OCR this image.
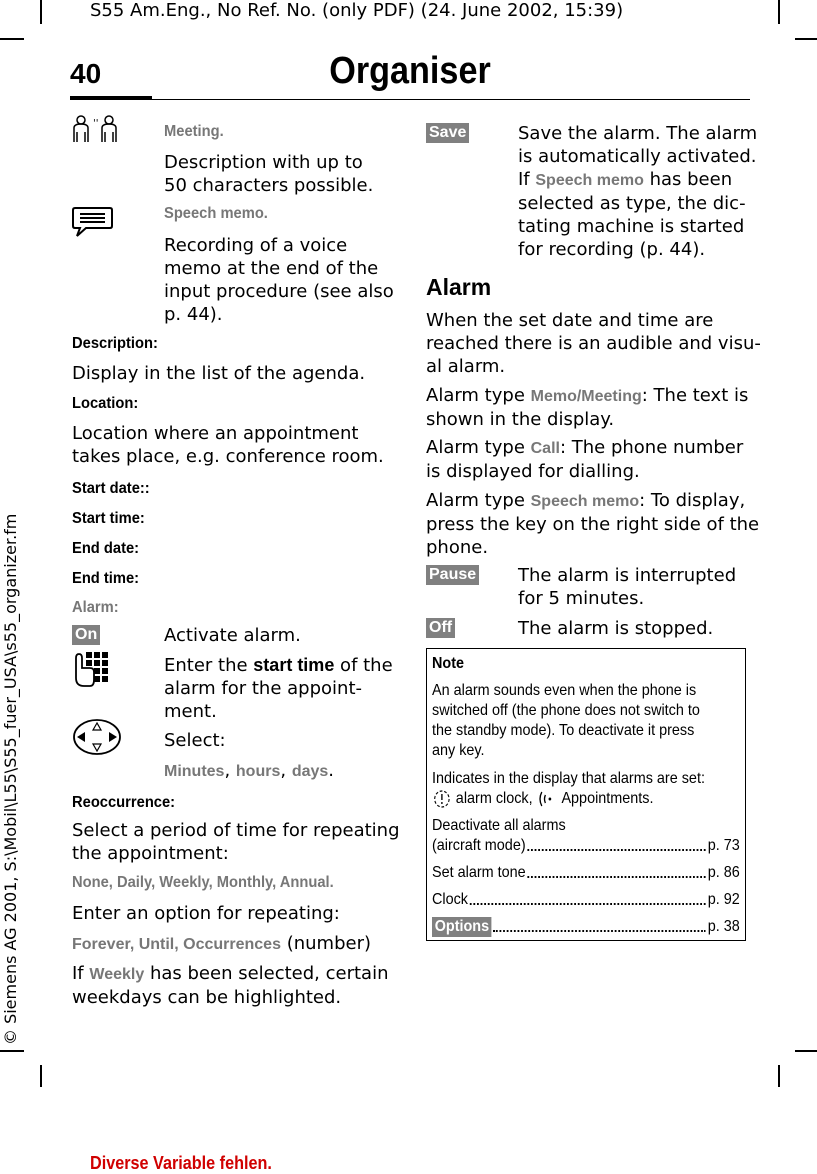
S55 Am.Eng., No Ref. No. (only PDF) (24. June 2002, 15:39)
40	Organiser
© Siemens AG 2001, S:\Mobil\L55\S55_fuer_USA\s55_organizer.fm
''	Meeting.
Description with up to
50 characters possible.
Speech memo.
Recording of a voice
memo at the end of the
input procedure (see also
p. 44).
Description:
Display in the list of the agenda.
Location:
Location where an appointment
takes place, e.g. conference room.
Start date::
Start time:
End date:
End time:
Alarm:
On	Activate alarm.
Enter the start time of the
alarm for the appoint-
ment.
Select:
Minutes, hours, days.
Reoccurrence:
Select a period of time for repeating
the appointment:
None, Daily, Weekly, Monthly, Annual.
Enter an option for repeating:
Forever, Until, Occurrences (number)
If Weekly has been selected, certain
weekdays can be highlighted.
Save	Save the alarm. The alarm
is automatically activated.
If Speech memo has been
selected as type, the dic-
tating machine is started
for recording (p. 44).
Alarm
When the set date and time are
reached there is an audible and visu-
al alarm.
Alarm type Memo/Meeting: The text is
shown in the display.
Alarm type Call: The phone number
is displayed for dialling.
Alarm type Speech memo: To display,
press the key on the right side of the
phone.
Pause The alarm is interrupted
for 5 minutes.
Off	The alarm is stopped.
Note
An alarm sounds even when the phone is
switched off (the phone does not switch to
the standby mode). To deactivate it press
any key.
Indicates in the display that alarms are set:
alarm clock, Appointments.
Deactivate all alarms
(aircraft mode)	p. 73
Set alarm tone	p. 86
Clock	p. 92
Options	p. 38
Diverse Variable fehlen.
